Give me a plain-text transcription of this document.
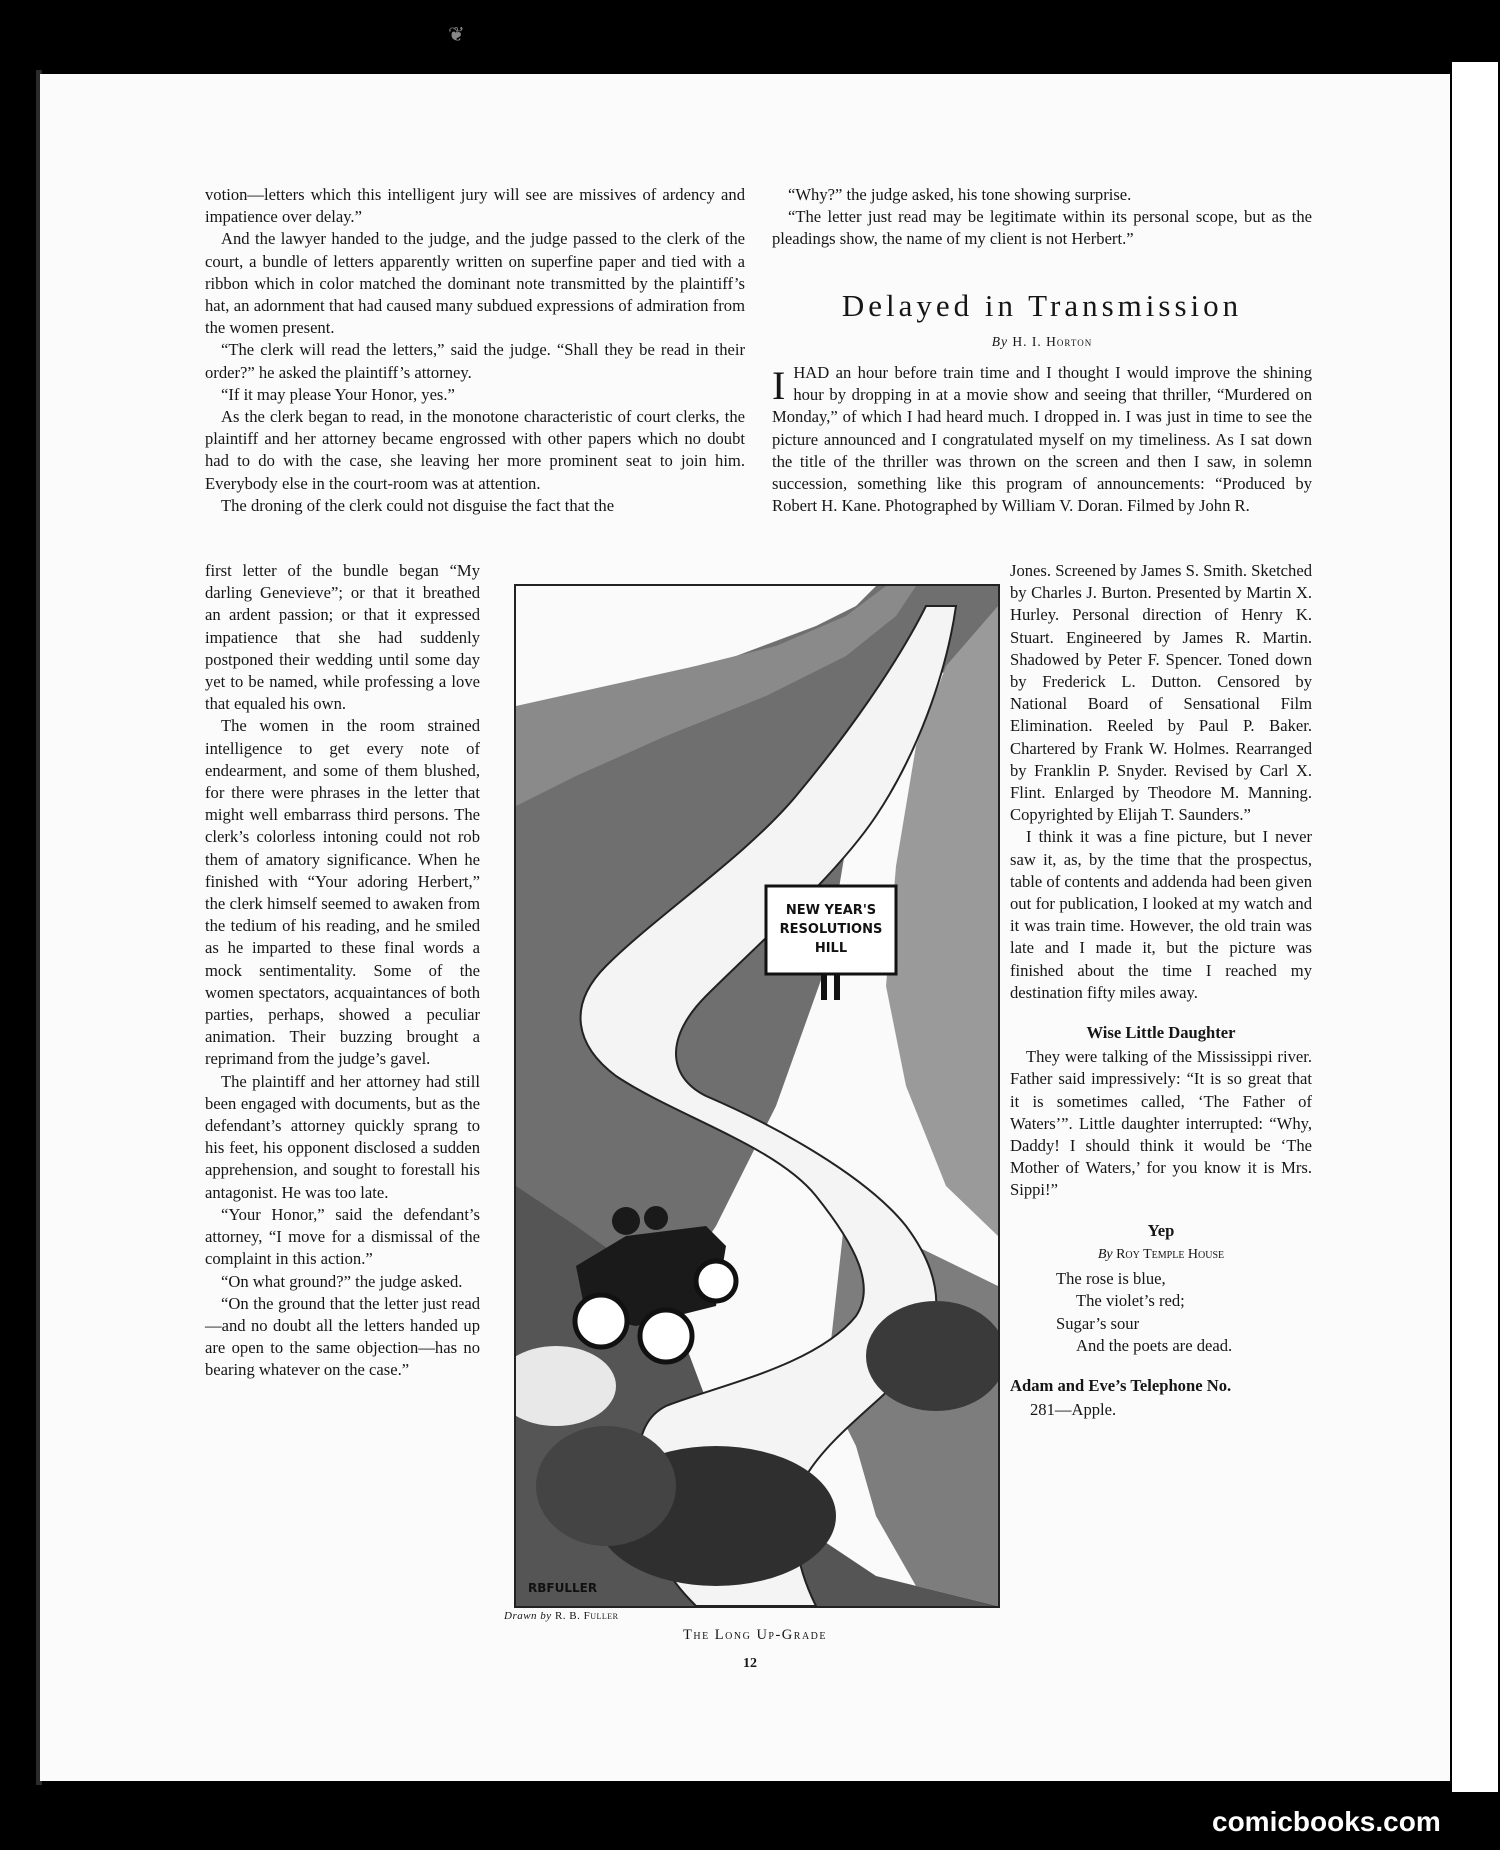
❦

votion—letters which this intelligent jury will see are missives of ardency and impatience over delay.”

And the lawyer handed to the judge, and the judge passed to the clerk of the court, a bundle of letters apparently written on superfine paper and tied with a ribbon which in color matched the dominant note transmitted by the plaintiff’s hat, an adornment that had caused many subdued expressions of admiration from the women present.

“The clerk will read the letters,” said the judge. “Shall they be read in their order?” he asked the plaintiff’s attorney.

“If it may please Your Honor, yes.”

As the clerk began to read, in the monotone characteristic of court clerks, the plaintiff and her attorney became engrossed with other papers which no doubt had to do with the case, she leaving her more prominent seat to join him. Everybody else in the court-room was at attention.

The droning of the clerk could not disguise the fact that the

first letter of the bundle began “My darling Genevieve”; or that it breathed an ardent passion; or that it expressed impatience that she had suddenly postponed their wedding until some day yet to be named, while professing a love that equaled his own.

The women in the room strained intelligence to get every note of endearment, and some of them blushed, for there were phrases in the letter that might well embarrass third persons. The clerk’s colorless intoning could not rob them of amatory significance. When he finished with “Your adoring Herbert,” the clerk himself seemed to awaken from the tedium of his reading, and he smiled as he imparted to these final words a mock sentimentality. Some of the women spectators, acquaintances of both parties, perhaps, showed a peculiar animation. Their buzzing brought a reprimand from the judge’s gavel.

The plaintiff and her attorney had still been engaged with documents, but as the defendant’s attorney quickly sprang to his feet, his opponent disclosed a sudden apprehension, and sought to forestall his antagonist. He was too late.

“Your Honor,” said the defendant’s attorney, “I move for a dismissal of the complaint in this action.”

“On what ground?” the judge asked.

“On the ground that the letter just read—and no doubt all the letters handed up are open to the same objection—has no bearing whatever on the case.”

“Why?” the judge asked, his tone showing surprise.

“The letter just read may be legitimate within its personal scope, but as the pleadings show, the name of my client is not Herbert.”

Delayed in Transmission
By H. I. Horton

IHAD an hour before train time and I thought I would improve the shining hour by dropping in at a movie show and seeing that thriller, “Murdered on Monday,” of which I had heard much. I dropped in. I was just in time to see the picture announced and I congratulated myself on my timeliness. As I sat down the title of the thriller was thrown on the screen and then I saw, in solemn succession, something like this program of announcements: “Produced by Robert H. Kane. Photographed by William V. Doran. Filmed by John R.

Jones. Screened by James S. Smith. Sketched by Charles J. Burton. Presented by Martin X. Hurley. Personal direction of Henry K. Stuart. Engineered by James R. Martin. Shadowed by Peter F. Spencer. Toned down by Frederick L. Dutton. Censored by National Board of Sensational Film Elimination. Reeled by Paul P. Baker. Chartered by Frank W. Holmes. Rearranged by Franklin P. Snyder. Revised by Carl X. Flint. Enlarged by Theodore M. Manning. Copyrighted by Elijah T. Saunders.”

I think it was a fine picture, but I never saw it, as, by the time that the prospectus, table of contents and addenda had been given out for publication, I looked at my watch and it was train time. However, the old train was late and I made it, but the picture was finished about the time I reached my destination fifty miles away.

Wise Little Daughter

They were talking of the Mississippi river. Father said impressively: “It is so great that it is sometimes called, ‘The Father of Waters’”. Little daughter interrupted: “Why, Daddy! I should think it would be ‘The Mother of Waters,’ for you know it is Mrs. Sippi!”

Yep
By Roy Temple House
The rose is blue,
The violet’s red;
Sugar’s sour
And the poets are dead.
Adam and Eve’s Telephone No.
281—Apple.
NEW YEAR'S
RESOLUTIONS
HILL
RBFULLER
Drawn by R. B. Fuller
The Long Up-Grade
12
comicbooks.com
